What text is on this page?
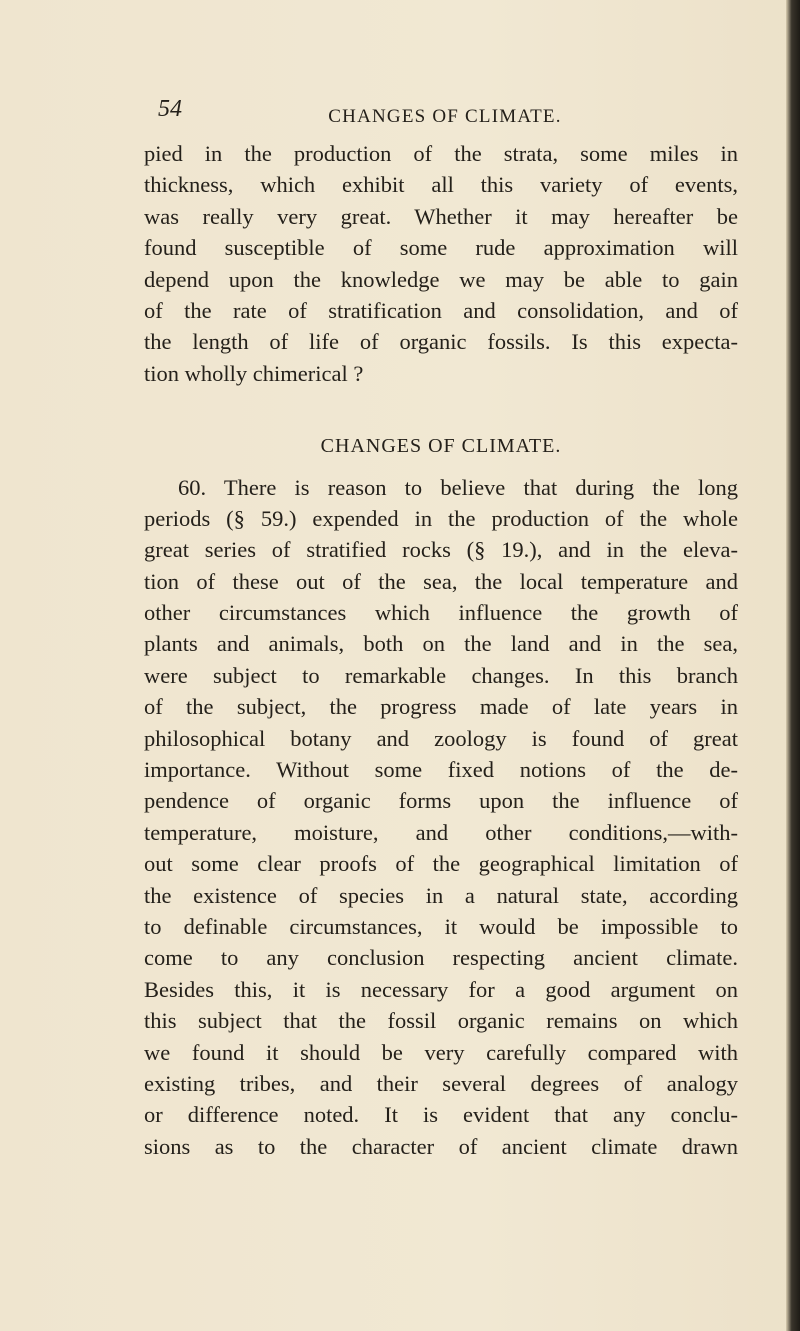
54	CHANGES OF CLIMATE.
pied in the production of the strata, some miles in
thickness, which exhibit all this variety of events,
was really very great. Whether it may hereafter be
found susceptible of some rude approximation will
depend upon the knowledge we may be able to gain
of the rate of stratification and consolidation, and of
the length of life of organic fossils. Is this expecta-
tion wholly chimerical ?
CHANGES OF CLIMATE.
60. There is reason to believe that during the long
periods (§ 59.) expended in the production of the whole
great series of stratified rocks (§ 19.), and in the eleva-
tion of these out of the sea, the local temperature and
other circumstances which influence the growth of
plants and animals, both on the land and in the sea,
were subject to remarkable changes. In this branch
of the subject, the progress made of late years in
philosophical botany and zoology is found of great
importance. Without some fixed notions of the de-
pendence of organic forms upon the influence of
temperature, moisture, and other conditions,—with-
out some clear proofs of the geographical limitation of
the existence of species in a natural state, according
to definable circumstances, it would be impossible to
come to any conclusion respecting ancient climate.
Besides this, it is necessary for a good argument on
this subject that the fossil organic remains on which
we found it should be very carefully compared with
existing tribes, and their several degrees of analogy
or difference noted. It is evident that any conclu-
sions as to the character of ancient climate drawn
